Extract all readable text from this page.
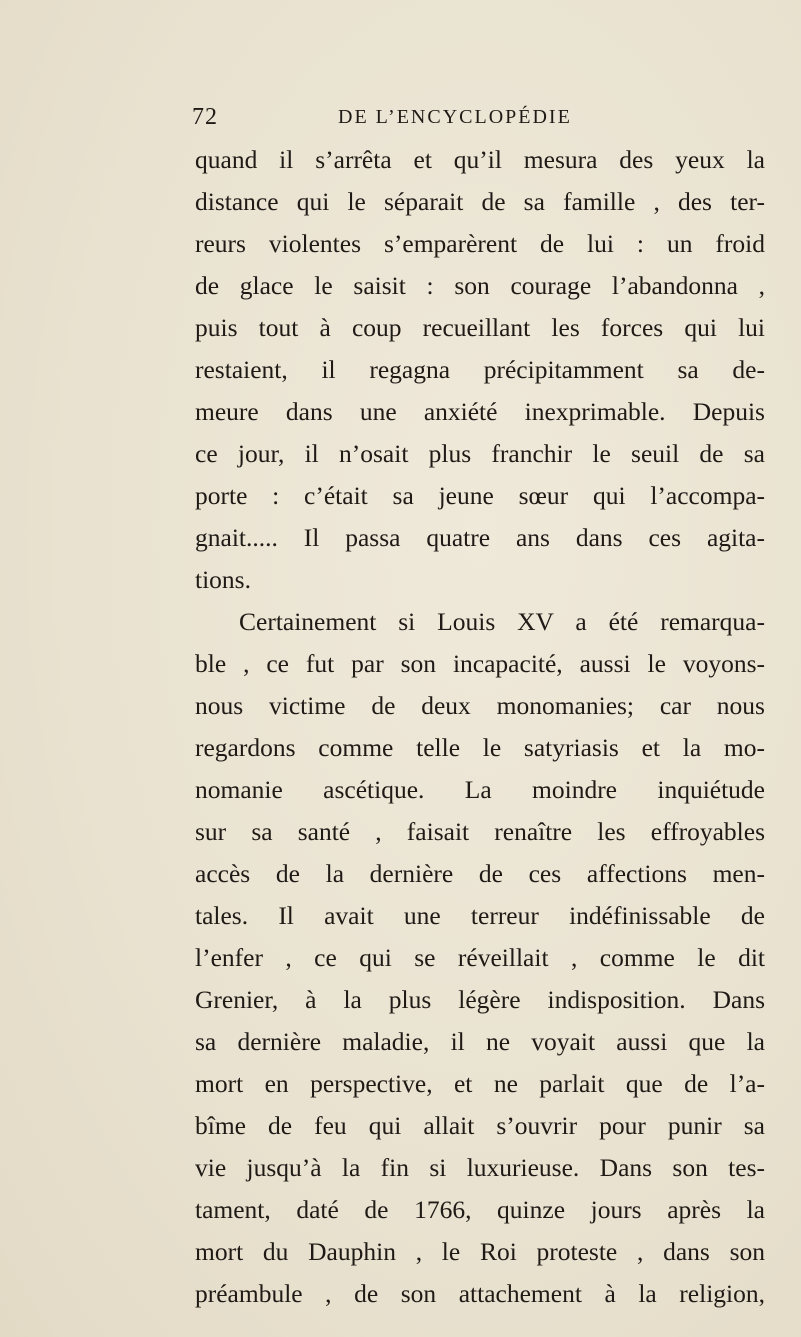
72	DE L’ENCYCLOPÉDIE
quand il s’arrêta et qu’il mesura des yeux la
distance qui le séparait de sa famille , des ter-
reurs violentes s’emparèrent de lui : un froid
de glace le saisit : son courage l’abandonna ,
puis tout à coup recueillant les forces qui lui
restaient, il regagna précipitamment sa de-
meure dans une anxiété inexprimable. Depuis
ce jour, il n’osait plus franchir le seuil de sa
porte : c’était sa jeune sœur qui l’accompa-
gnait..... Il passa quatre ans dans ces agita-
tions.
Certainement si Louis XV a été remarqua-
ble , ce fut par son incapacité, aussi le voyons-
nous victime de deux monomanies; car nous
regardons comme telle le satyriasis et la mo-
nomanie ascétique. La moindre inquiétude
sur sa santé , faisait renaître les effroyables
accès de la dernière de ces affections men-
tales. Il avait une terreur indéfinissable de
l’enfer , ce qui se réveillait , comme le dit
Grenier, à la plus légère indisposition. Dans
sa dernière maladie, il ne voyait aussi que la
mort en perspective, et ne parlait que de l’a-
bîme de feu qui allait s’ouvrir pour punir sa
vie jusqu’à la fin si luxurieuse. Dans son tes-
tament, daté de 1766, quinze jours après la
mort du Dauphin , le Roi proteste , dans son
préambule , de son attachement à la religion,
